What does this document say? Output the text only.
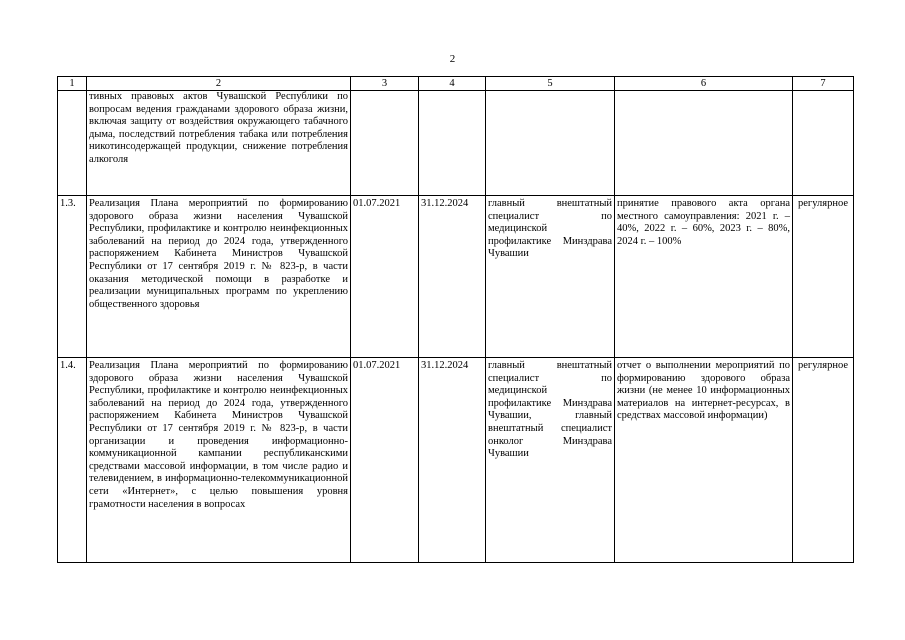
2
1	2	3	4	5	6	7
	тивных правовых актов Чувашской Республики по вопросам ведения гражданами здорового образа жизни, включая защиту от воздействия окружающего табачного дыма, последствий потребления табака или потребления никотинсодержащей продукции, снижение потребления алкоголя					
1.3.	Реализация Плана мероприятий по формированию здорового образа жизни населения Чувашской Республики, профилактике и контролю неинфекционных заболеваний на период до 2024 года, утвержденного распоряжением Кабинета Министров Чувашской Республики от 17 сентября 2019 г. № 823-р, в части оказания методической помощи в разработке и реализации муниципальных программ по укреплению общественного здоровья	01.07.2021	31.12.2024	главный внештатный специалист по медицинской профилактике Минздрава Чувашии	принятие правового акта органа местного самоуправления: 2021 г. – 40%, 2022 г. – 60%, 2023 г. – 80%, 2024 г. – 100%	регулярное
1.4.	Реализация Плана мероприятий по формированию здорового образа жизни населения Чувашской Республики, профилактике и контролю неинфекционных заболеваний на период до 2024 года, утвержденного распоряжением Кабинета Министров Чувашской Республики от 17 сентября 2019 г. № 823-р, в части организации и проведения информационно-коммуникационной кампании республиканскими средствами массовой информации, в том числе радио и телевидением, в информационно-телекоммуникационной сети «Интернет», с целью повышения уровня грамотности населения в вопросах	01.07.2021	31.12.2024	главный внештатный специалист по медицинской профилактике Минздрава Чувашии, главный внештатный специалист онколог Минздрава Чувашии	отчет о выполнении мероприятий по формированию здорового образа жизни (не менее 10 информационных материалов на интернет-ресурсах, в средствах массовой информации)	регулярное
